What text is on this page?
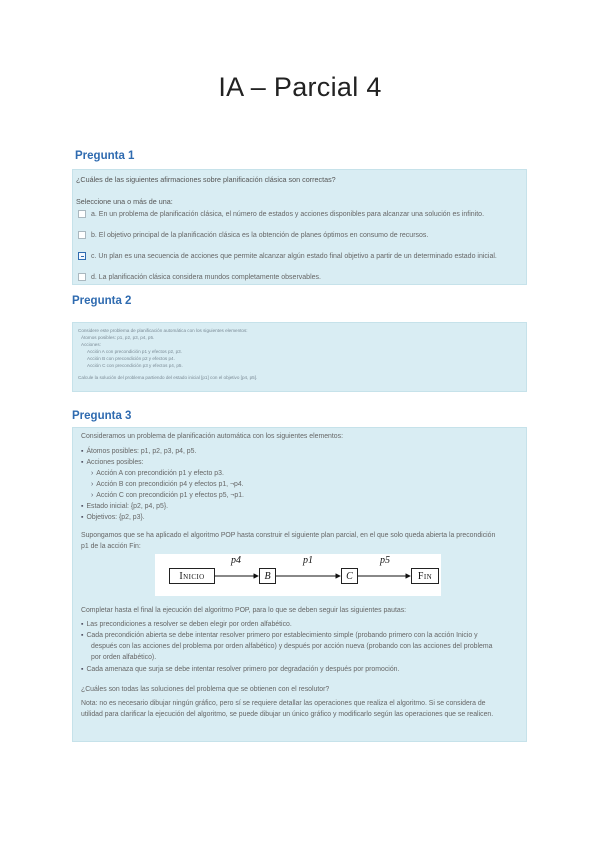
IA – Parcial 4
Pregunta 1
¿Cuáles de las siguientes afirmaciones sobre planificación clásica son correctas?
Seleccione una o más de una:
a. En un problema de planificación clásica, el número de estados y acciones disponibles para alcanzar una solución es infinito.
b. El objetivo principal de la planificación clásica es la obtención de planes óptimos en consumo de recursos.
c. Un plan es una secuencia de acciones que permite alcanzar algún estado final objetivo a partir de un determinado estado inicial.
d. La planificación clásica considera mundos completamente observables.
Pregunta 2
Considere este problema de planificación automática con los siguientes elementos:
Átomos posibles: p1, p2, p3, p4, p5.
Acciones:
Acción A con precondición p1 y efectos p2, p3.
Acción B con precondición p2 y efectos p4.
Acción C con precondición p3 y efectos p4, p5.
Calcule la solución del problema partiendo del estado inicial [p1] con el objetivo [p4, p5].
Pregunta 3
Consideramos un problema de planificación automática con los siguientes elementos:
▪ Átomos posibles: p1, p2, p3, p4, p5.
▪ Acciones posibles:
› Acción A con precondición p1 y efecto p3.
› Acción B con precondición p4 y efectos p1, ¬p4.
› Acción C con precondición p1 y efectos p5, ¬p1.
▪ Estado inicial: {p2, p4, p5}.
▪ Objetivos: {p2, p3}.
Supongamos que se ha aplicado el algoritmo POP hasta construir el siguiente plan parcial, en el que solo queda abierta la precondición
p1 de la acción Fin:
Inicio	B	C	Fin
p4	p1	p5
Completar hasta el final la ejecución del algoritmo POP, para lo que se deben seguir las siguientes pautas:
▪ Las precondiciones a resolver se deben elegir por orden alfabético.
▪ Cada precondición abierta se debe intentar resolver primero por establecimiento simple (probando primero con la acción Inicio y
después con las acciones del problema por orden alfabético) y después por acción nueva (probando con las acciones del problema
por orden alfabético).
▪ Cada amenaza que surja se debe intentar resolver primero por degradación y después por promoción.
¿Cuáles son todas las soluciones del problema que se obtienen con el resolutor?
Nota: no es necesario dibujar ningún gráfico, pero sí se requiere detallar las operaciones que realiza el algoritmo. Si se considera de
utilidad para clarificar la ejecución del algoritmo, se puede dibujar un único gráfico y modificarlo según las operaciones que se realicen.
